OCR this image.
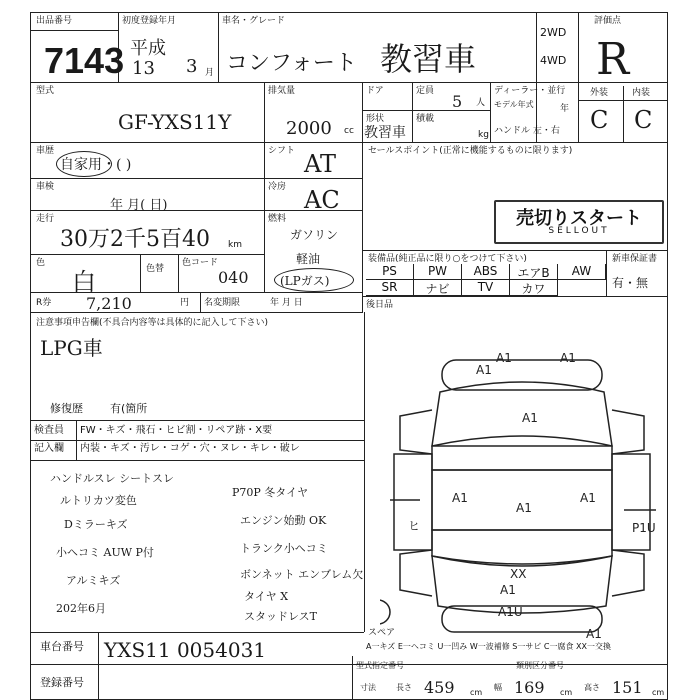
出品番号
7143
初度登録年月
平成
13 3 月
車名・グレード
コンフォート 教習車
2WD
4WD
評価点
R
外装	内装
C C
型式
GF-YXS11Y
排気量
2000 cc
ドア	定員
5 人
形状
教習車
積載
kg
ディーラー・並行
モデル年式	年
ハンドル 左・右
車歴
自家用・( )
シフト AT
車検
年 月( 日)
冷房 AC
走行
30万2千5百40 km
燃料
ガソリン
軽油
(LPガス)
色
白	色替
色コード
040
R券 7,210	円 名変期限	年 月 日
セールスポイント(正常に機能するものに限ります)
売切りスタート
SELLOUT
装備品(純正品に限り○をつけて下さい)	新車保証書
有・無
PS	PW	ABS	エアB	AW
SR	ナビ	TV	カワ
後日品
注意事項申告欄(不具合内容等は具体的に記入して下さい)
LPG車
修復歴 有(箇所
検査員 FW・キズ・飛石・ヒビ割・リペア跡・X要
記入欄 内装・キズ・汚レ・コゲ・穴・ヌレ・キレ・破レ
ハンドルスレ シートスレ
ルトリカツ変色
Dミラーキズ
小ヘコミ AUW P付
アルミキズ
202年6月
P70P 冬タイヤ
エンジン始動 OK
トランク小ヘコミ
ボンネット エンブレム欠
タイヤ X
スタッドレスT
A1
A1
A1
A1
A1
A1
XX
A1U
A1
P1U
ヒ
A1	A1
スペア
A一キズ E一ヘコミ U一凹み W一波補修 S一サビ C一腐食 XX一交換
車台番号 YXS11 0054031
登録番号
型式指定番号	類別区分番号
寸法	長さ 459 cm
幅 169 cm
高さ 151 cm
